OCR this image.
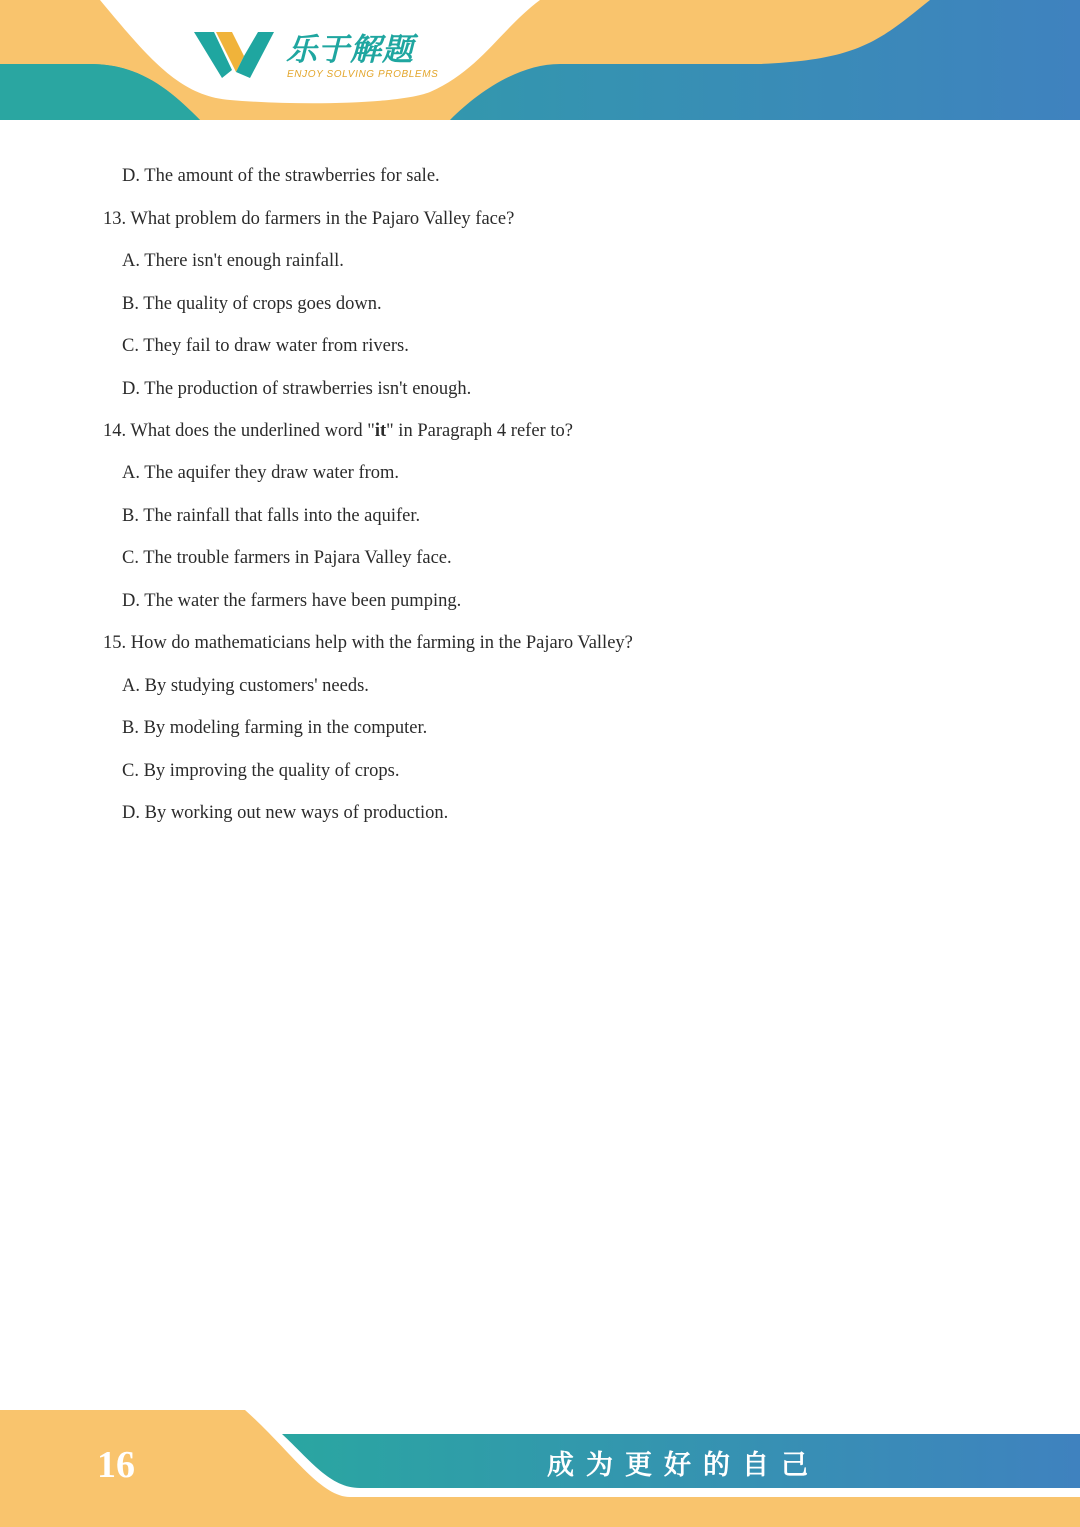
乐于解题
ENJOY SOLVING PROBLEMS
D. The amount of the strawberries for sale.
13. What problem do farmers in the Pajaro Valley face?
A. There isn't enough rainfall.
B. The quality of crops goes down.
C. They fail to draw water from rivers.
D. The production of strawberries isn't enough.
14. What does the underlined word "it" in Paragraph 4 refer to?
A. The aquifer they draw water from.
B. The rainfall that falls into the aquifer.
C. The trouble farmers in Pajara Valley face.
D. The water the farmers have been pumping.
15. How do mathematicians help with the farming in the Pajaro Valley?
A. By studying customers' needs.
B. By modeling farming in the computer.
C. By improving the quality of crops.
D. By working out new ways of production.
16	成为更好的自己
